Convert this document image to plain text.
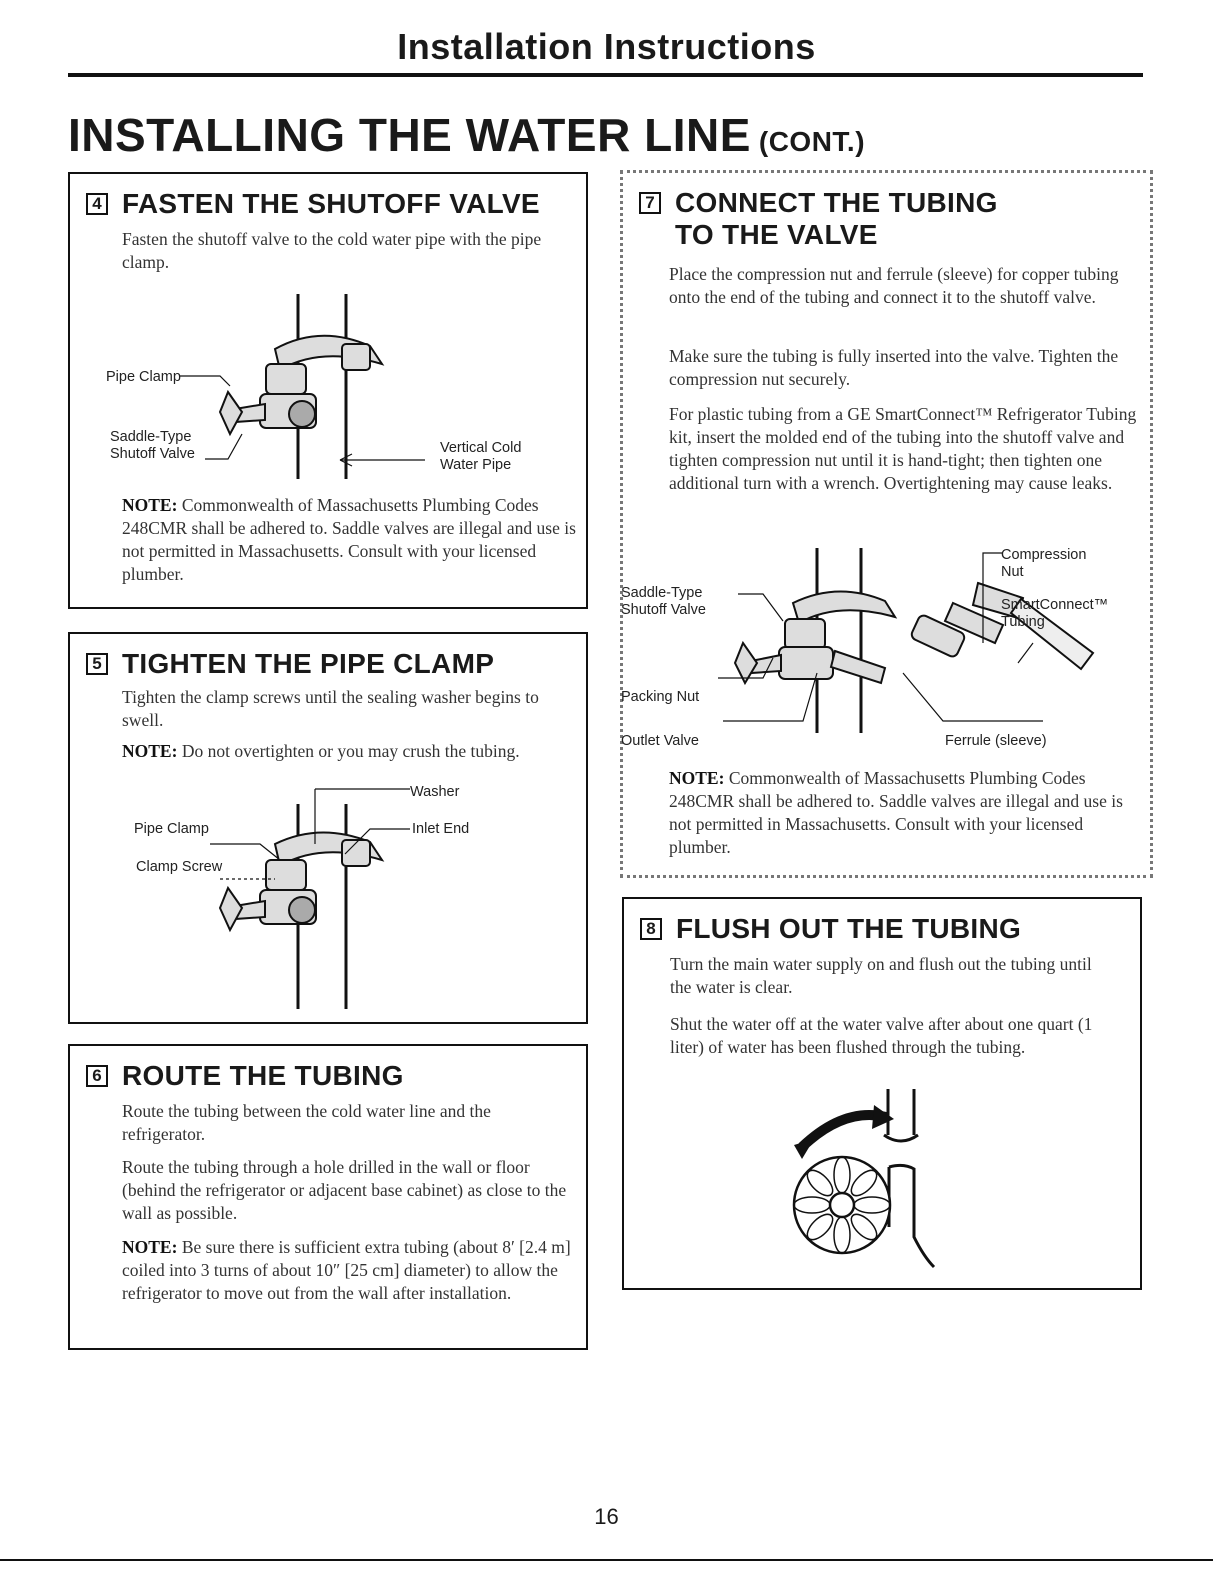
Installation Instructions
INSTALLING THE WATER LINE (CONT.)
4 FASTEN THE SHUTOFF VALVE

Fasten the shutoff valve to the cold water pipe with the pipe clamp.

Pipe Clamp
Saddle-Type
Shutoff Valve	Vertical Cold
Water Pipe

NOTE: Commonwealth of Massachusetts Plumbing Codes 248CMR shall be adhered to. Saddle valves are illegal and use is not permitted in Massachusetts. Consult with your licensed plumber.

5 TIGHTEN THE PIPE CLAMP

Tighten the clamp screws until the sealing washer begins to swell.

NOTE: Do not overtighten or you may crush the tubing.

Washer
Pipe Clamp	Inlet End
Clamp Screw
6 ROUTE THE TUBING

Route the tubing between the cold water line and the refrigerator.

Route the tubing through a hole drilled in the wall or floor (behind the refrigerator or adjacent base cabinet) as close to the wall as possible.

NOTE: Be sure there is sufficient extra tubing (about 8′ [2.4 m] coiled into 3 turns of about 10″ [25 cm] diameter) to allow the refrigerator to move out from the wall after installation.

7 CONNECT THE TUBING
TO THE VALVE

Place the compression nut and ferrule (sleeve) for copper tubing onto the end of the tubing and connect it to the shutoff valve.

Make sure the tubing is fully inserted into the valve. Tighten the compression nut securely.

For plastic tubing from a GE SmartConnect™ Refrigerator Tubing kit, insert the molded end of the tubing into the shutoff valve and tighten compression nut until it is hand-tight; then tighten one additional turn with a wrench. Overtightening may cause leaks.

Compression
Nut
Saddle-Type
Shutoff Valve	SmartConnect™
Tubing
Packing Nut
Outlet Valve	Ferrule (sleeve)

NOTE: Commonwealth of Massachusetts Plumbing Codes 248CMR shall be adhered to. Saddle valves are illegal and use is not permitted in Massachusetts. Consult with your licensed plumber.

8 FLUSH OUT THE TUBING

Turn the main water supply on and flush out the tubing until the water is clear.

Shut the water off at the water valve after about one quart (1 liter) of water has been flushed through the tubing.

16
